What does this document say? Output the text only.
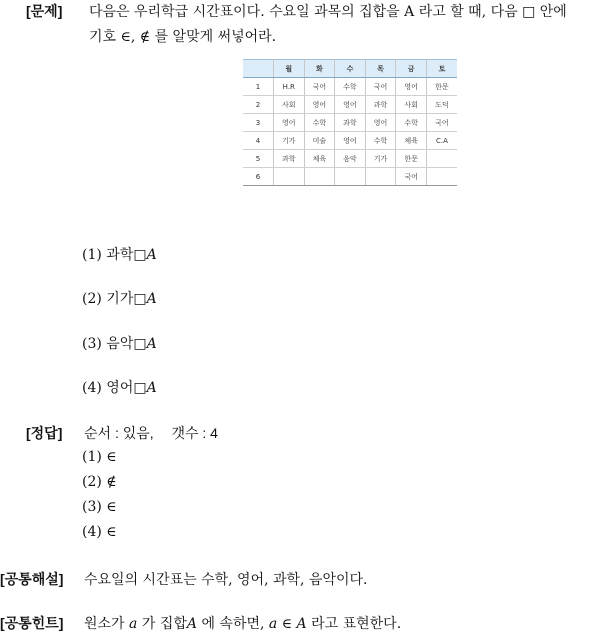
[문제] 다음은 우리학급 시간표이다. 수요일 과목의 집합을 A 라고 할 때, 다음 □ 안에
기호 ∈, ∉ 를 알맞게 써넣어라.
	월	화	수	목	금	토
1	H.R	국어	수학	국어	영어	한문
2	사회	영어	영어	과학	사회	도덕
3	영어	수학	과학	영어	수학	국어
4	기가	미술	영어	수학	체육	C.A
5	과학	체육	음악	기가	한문	
6					국어	
(1) 과학□A
(2) 기가□A
(3) 음악□A
(4) 영어□A
[정답] 순서 : 있음, 갯수 : 4
(1) ∈
(2) ∉
(3) ∈
(4) ∈
[공통해설] 수요일의 시간표는 수학, 영어, 과학, 음악이다.
[공통힌트] 원소가 a 가 집합A 에 속하면, a ∈ A 라고 표현한다.
